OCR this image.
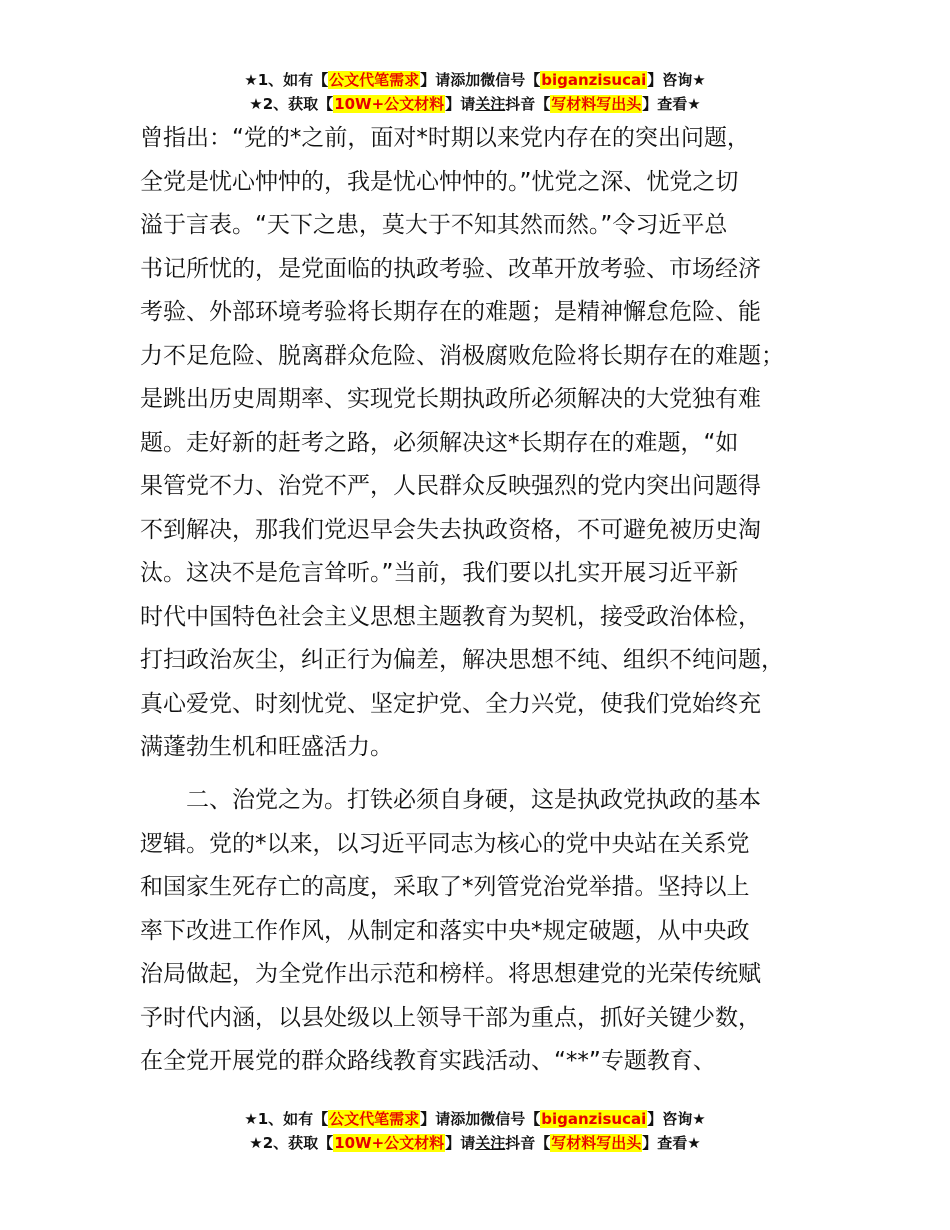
★1、如有【公文代笔需求】请添加微信号【biganzisucai】咨询★
★2、获取【10W+公文材料】请关注抖音【写材料写出头】查看★
曾指出：“党的*之前，面对*时期以来党内存在的突出问题，
全党是忧心忡忡的，我是忧心忡忡的。”忧党之深、忧党之切
溢于言表。“天下之患，莫大于不知其然而然。”令习近平总
书记所忧的，是党面临的执政考验、改革开放考验、市场经济
考验、外部环境考验将长期存在的难题；是精神懈怠危险、能
力不足危险、脱离群众危险、消极腐败危险将长期存在的难题；
是跳出历史周期率、实现党长期执政所必须解决的大党独有难
题。走好新的赶考之路，必须解决这*长期存在的难题，“如
果管党不力、治党不严，人民群众反映强烈的党内突出问题得
不到解决，那我们党迟早会失去执政资格，不可避免被历史淘
汰。这决不是危言耸听。”当前，我们要以扎实开展习近平新
时代中国特色社会主义思想主题教育为契机，接受政治体检，
打扫政治灰尘，纠正行为偏差，解决思想不纯、组织不纯问题，
真心爱党、时刻忧党、坚定护党、全力兴党，使我们党始终充
满蓬勃生机和旺盛活力。
　　二、治党之为。打铁必须自身硬，这是执政党执政的基本
逻辑。党的*以来，以习近平同志为核心的党中央站在关系党
和国家生死存亡的高度，采取了*列管党治党举措。坚持以上
率下改进工作作风，从制定和落实中央*规定破题，从中央政
治局做起，为全党作出示范和榜样。将思想建党的光荣传统赋
予时代内涵，以县处级以上领导干部为重点，抓好关键少数，
在全党开展党的群众路线教育实践活动、“**”专题教育、
★1、如有【公文代笔需求】请添加微信号【biganzisucai】咨询★
★2、获取【10W+公文材料】请关注抖音【写材料写出头】查看★
